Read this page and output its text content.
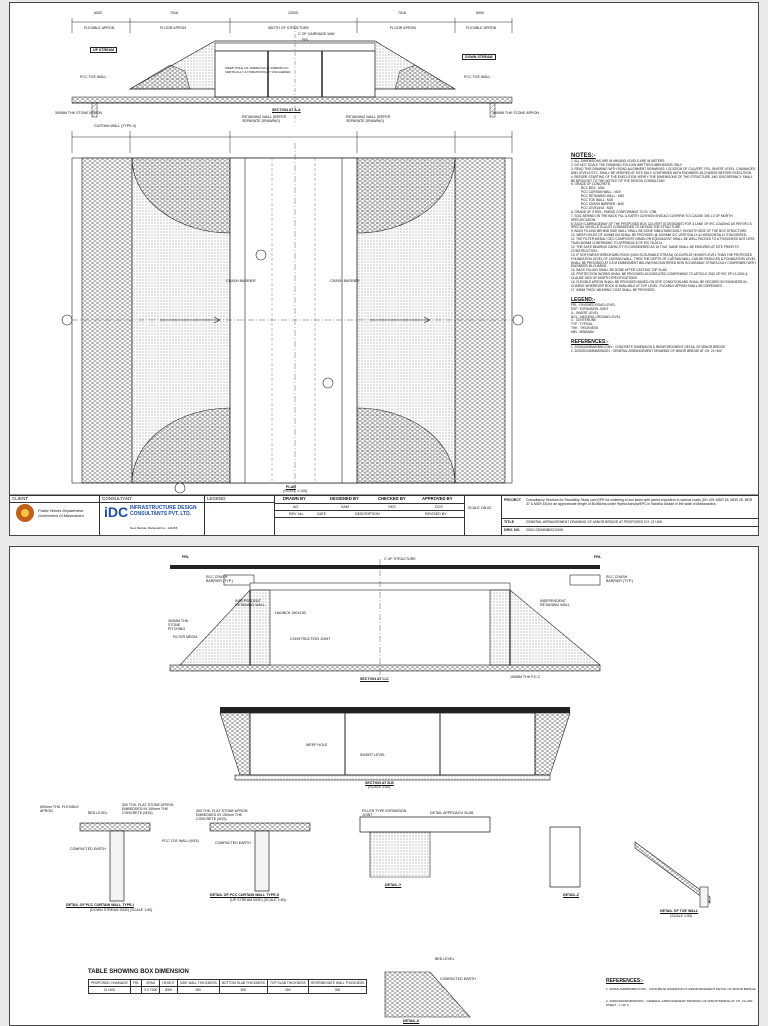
6000	7516	12000	7516	6000
FLEXIBLE APRON	FLOOR APRON	WIDTH OF STRUCTURE	FLOOR APRON	FLEXIBLE APRON
C OF CARRIAGE WAY
FRL
UP STREAM
DOWN STREAM
WEEP HOLE OF 100MM DIA @ 1000MM C/C VERTICALLY & HORIZONTALLY STAGGERED
PCC TOE WALL	PCC TOE WALL
SECTION AT A-A
300MM THK STONE APRON	300MM THK STONE APRON
CURTAIN WALL (TYPE-II)
RETAINING WALL (REFER SEPARATE DRAWING)
RETAINING WALL (REFER SEPARATE DRAWING)
CRASH BARRIER	CRASH BARRIER
PLAN
(SCALE 1:100)
NOTES:-
1. ALL DIMENSIONS ARE IN MM AND LEVELS ARE IN METERS.
2. DO NOT SCALE THE DRAWING-FOLLOW WRITTEN DIMENSIONS ONLY.
3. READ THIS DRAWING WITH ROAD ALIGNMENT DRAWINGS. LOCATION OF CULVERT, FRL, INVERT LEVEL, CHAINAGES AND LEVELS ETC. SHALL BE VERIFIED AT SITE DULY CONFIRMED WITH ENGINEER-IN-CHARGE BEFORE EXECUTION.
4. BEFORE STARTING OF THE EXECUTION VERIFY THE DIMENSIONS OF THE STRUCTURE. ANY DISCREPANCY SHALL BE BROUGHT TO THE NOTICE OF THE DESIGN CONSULTANT.
5. GRADE OF CONCRETE:
RCC BOX : M30
PCC CURTAIN WALL : M20
RCC RETAINING WALL : M30
PCC TOE WALL : M20
RCC CRASH BARRIER : M40
PCC LEVELING : M15
6. GRADE OF STEEL: Fe500D CONFORMING TO IS: 1786.
7. SOIL BEHIND ON THE BACK FILL & EARTH CUSHION SHOULD CONFIRM TO CLAUSE 305 1.3 OF MORTH SPECIFICATION.
8. EACH CARRIAGEWAY OF THE PROPOSED BOX CULVERT IS DESIGNED FOR 3 LANE OF IRC LOADING AS PER IRC 6. SPECIAL VEHICLE IS ALSO CONSIDERED TO DESIGN THE STRUCTURE.
9. BACK FILLING BEHIND SIDE WALL SHALL BE DONE SIMULTANEOUSLY ON BOTH SIDE OF THE BOX STRUCTURE.
10. WEEP HOLES OF 100MM DIA SHALL BE PROVIDED @ 1000MM C/C VERTICALLY & HORIZONTALLY STAGGERED.
11. THE FILTER MEDIA / GEO COMPOSITE DRAIN OR EQUIVALENT SHALL BE WELL PACKED TO A THICKNESS NOT LESS THAN 600MM CONFIRMING TO APPENDIX-6 OF IRC:78-2014.
12. THE SAFE BEARING CAPACITY IS CONSIDERED AS 15 T/m2. SAME SHALL BE ENSURED AT SITE PRIOR TO CONSTRUCTION.
13. IF SOFT/WEATHERED/HARD ROCK (NON SCOURABLE STRATA) OCCURS AT HIGHER LEVEL THAN THE PROPOSED FOUNDATION LEVEL OF CURTAIN WALL, THEN THE DEPTH OF CURTAIN WALL CAN BE REDUCED & FOUNDATION LEVEL SHALL BE PROVIDED AT 0.5 M EMBEDMENT BELOW ENCOUNTERED NON SCOURABLE STRATA DULY CONFIRMED WITH ENGINEER-IN-CHARGE.
14. BACK FILLING SHALL BE DONE AFTER CASTING TOP SLAB.
15. PROTECTION WORKS SHALL BE PROVIDED AS INDICATED CONFIRMING TO ARTICLE 2510 OF IRC SP:13-2004 & CLAUSE 2500 OF MORTH SPECIFICATIONS.
16. FLEXIBLE APRON SHALL BE PROVIDED BASED ON SITE CONDITION AND SHALL BE DECIDED BY ENGINEER-IN-CHARGE WHEREVER ROCK IS AVAILABLE AT TOP LEVEL, FLEXIBLE APRON SHALL BE DISPENSED.
17. 65MM THICK WEARING COAT SHALL BE PROVIDED.
LEGEND:-
FRL : FINISHED ROAD LEVEL
EXP : EXPANSION JOINT
IL : INVERT LEVEL
NGL : NATURAL GROUND LEVEL
C : CENTERLINE
TYP : TYPICAL
THK : THICKNESS
MIN : MINIMUM
REFERENCES:-
1. 2000AUS/BMW/BNC/CMV : CONCRETE DIMENSION & REINFORCEMENT DETAIL OF MINOR BRIDGE
2. 2000/2020/MNB/006/201 : GENERAL ARRANGEMENT DRAWING OF MINOR BRIDGE AT CH. 21+400
CLIENT
Public Works Department
Government Of Maharashtra
CONSULTANT
iDC INFRASTRUCTURE DESIGN CONSULTANTS PVT. LTD.
New Rankla, Maharashtra - 123456
LEGEND	DRAWN BY	DESIGNED BY	CHECKED BY	APPROVED BY
AG	SAM	GKS	DCS
REV. No.	DATE	DESCRIPTION	REVISED BY
SCALE ON A2
PROJECT Consultancy Services for Feasibility Study cum DPR for widening to two lanes with paved shoulders to various roads (SH 129, MDR 18, MDR 28, MDR 37 & MDR 43) for an approximate length of 80.85kms under Hybrid Annuity/EPC in Wardha District in the state of Maharashtra.
TITLE	GENERAL ARRANGEMENT DRAWING OF MINOR BRIDGE AT PROPOSED CH. 21+400
DRG. NO. 2000-SD/MNB/021/006
FRL	FRL
C OF STRUCTURE
RCC CRASH BARRIER (TYP.)
RCC CRASH BARRIER (TYP.)
INDEPENDENT RETAINING WALL
INDEPENDENT RETAINING WALL
HAUNCH 150X150
300MM THK STONE PITCHING
FILTER MEDIA	CONSTRUCTION JOINT
SECTION AT C-C	150MM THK P.C.C
WEEP HOLE
INVERT LEVEL
SECTION AT B-B
(SCALE 1:50)
600mm THK. FLEXIBLE APRON	BED LEVEL
300 THK. FLAT STONE APRON EMBEDDED IN 150mm THK CONCRETE (M15)
COMPACTED EARTH
PCC TOE WALL (M15)
DETAIL OF PCC CURTAIN WALL TYPE-I
(DOWN STREAM SIDE) (SCALE 1:50)
300 THK. FLAT STONE APRON EMBEDDED IN 150mm THK CONCRETE (M15)
COMPACTED EARTH
DETAIL OF PCC CURTAIN WALL TYPE-II
(UP STREAM SIDE) (SCALE 1:50)
FILLER TYPE EXPANSION JOINT
DETAIL APPROACH SLAB
DETAIL-Y
DETAIL-Z
DETAIL OF TOE WALL
(SCALE 1:50)
BED LEVEL
COMPACTED EARTH
DETAIL-X
TABLE SHOWING BOX DIMENSION
PROPOSED CHAINAGE	FRL	SPAN	HEIGHT	SIDE WALL THICKNESS	BOTTOM SLAB THICKNESS	TOP SLAB THICKNESS	INTERMEDIATE WALL THICKNESS
21+400	-	3 X 7000	3000	450	500	450	300
REFERENCES:-
1. 2000AUS/BMW/BNC/CMV : CONCRETE DIMENSION & REINFORCEMENT DETAIL OF MINOR BRIDGE
2. 2000/2020/MNB/006/201 : GENERAL ARRANGEMENT DRAWING OF MINOR BRIDGE AT CH. 21+400 SHEET - 1 OF 3
